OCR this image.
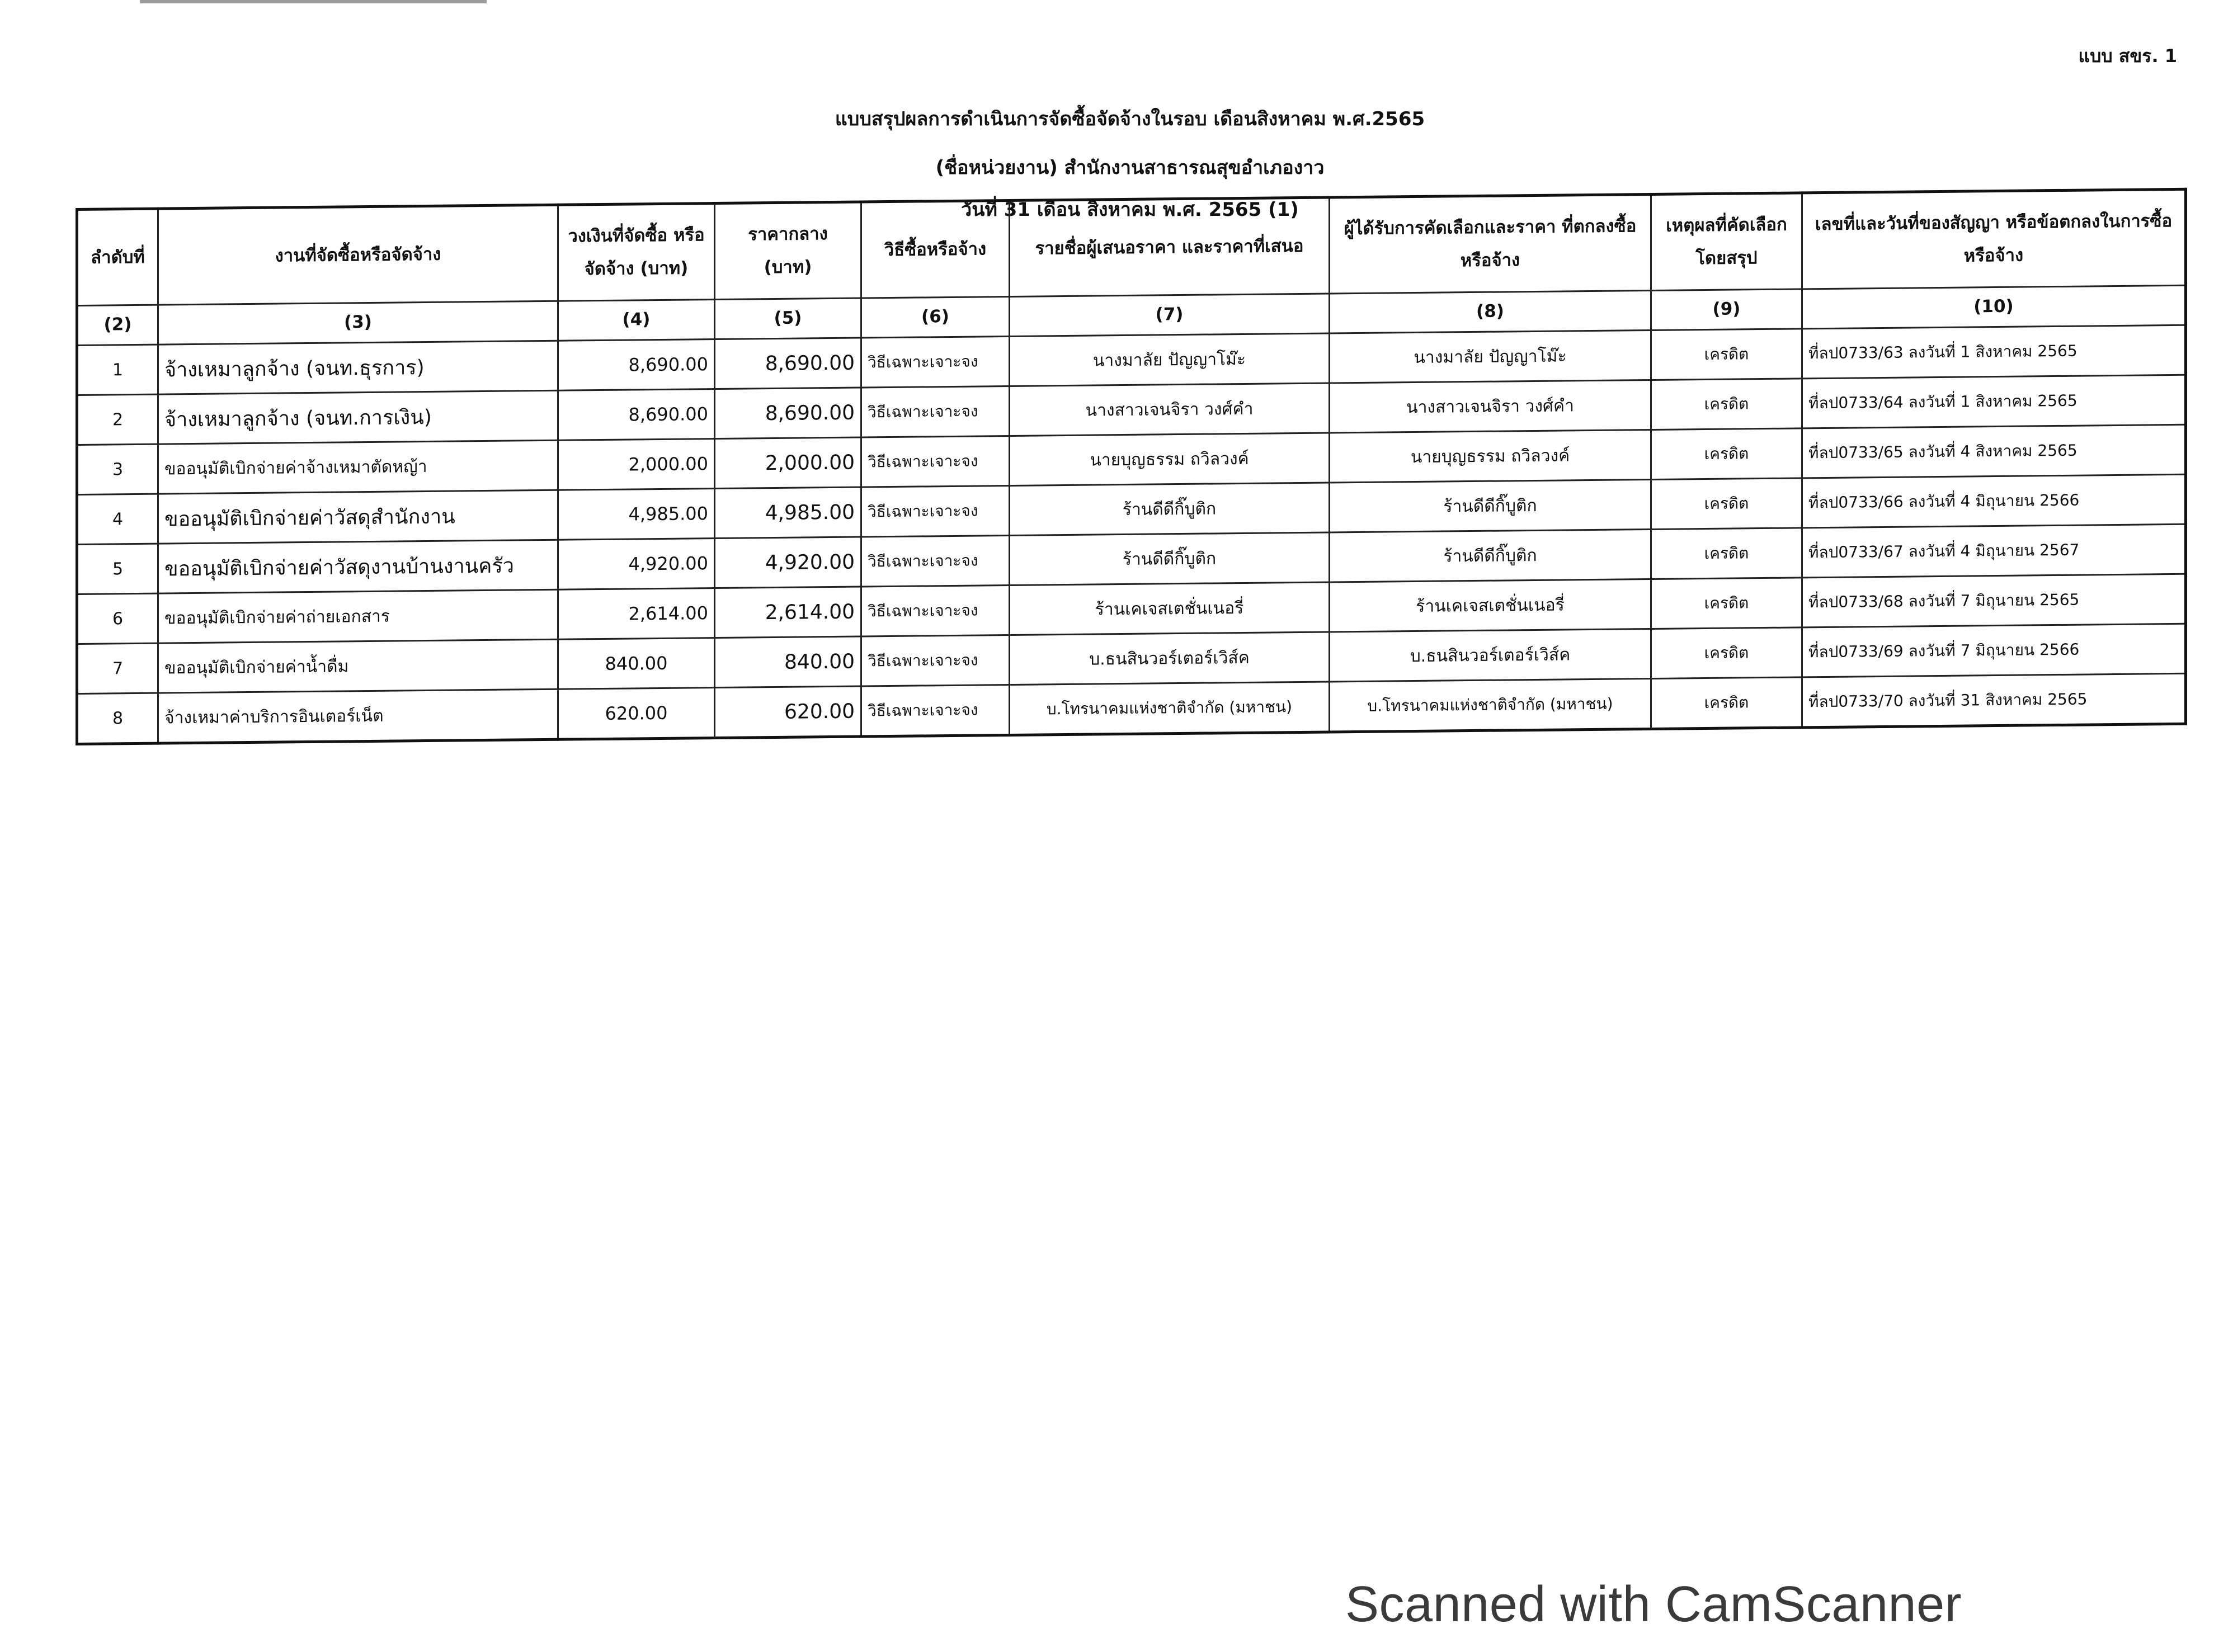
แบบ สขร. 1
แบบสรุปผลการดำเนินการจัดซื้อจัดจ้างในรอบ เดือนสิงหาคม พ.ศ.2565
(ชื่อหน่วยงาน) สำนักงานสาธารณสุขอำเภองาว
วันที่ 31 เดือน สิงหาคม พ.ศ. 2565 (1)
ลำดับที่	งานที่จัดซื้อหรือจัดจ้าง	วงเงินที่จัดซื้อ หรือจัดจ้าง (บาท)	ราคากลาง (บาท)	วิธีซื้อหรือจ้าง	รายชื่อผู้เสนอราคา และราคาที่เสนอ	ผู้ได้รับการคัดเลือกและราคา ที่ตกลงซื้อหรือจ้าง	เหตุผลที่คัดเลือก โดยสรุป	เลขที่และวันที่ของสัญญา หรือข้อตกลงในการซื้อหรือจ้าง
(2)	(3)	(4)	(5)	(6)	(7)	(8)	(9)	(10)
1	จ้างเหมาลูกจ้าง (จนท.ธุรการ)	8,690.00	8,690.00	วิธีเฉพาะเจาะจง	นางมาลัย ปัญญาโม๊ะ	นางมาลัย ปัญญาโม๊ะ	เครดิต	ที่ลป0733/63 ลงวันที่ 1 สิงหาคม 2565
2	จ้างเหมาลูกจ้าง (จนท.การเงิน)	8,690.00	8,690.00	วิธีเฉพาะเจาะจง	นางสาวเจนจิรา วงศ์คำ	นางสาวเจนจิรา วงศ์คำ	เครดิต	ที่ลป0733/64 ลงวันที่ 1 สิงหาคม 2565
3	ขออนุมัติเบิกจ่ายค่าจ้างเหมาตัดหญ้า	2,000.00	2,000.00	วิธีเฉพาะเจาะจง	นายบุญธรรม ถวิลวงค์	นายบุญธรรม ถวิลวงค์	เครดิต	ที่ลป0733/65 ลงวันที่ 4 สิงหาคม 2565
4	ขออนุมัติเบิกจ่ายค่าวัสดุสำนักงาน	4,985.00	4,985.00	วิธีเฉพาะเจาะจง	ร้านดีดีกิ๊บูติก	ร้านดีดีกิ๊บูติก	เครดิต	ที่ลป0733/66 ลงวันที่ 4 มิถุนายน 2566
5	ขออนุมัติเบิกจ่ายค่าวัสดุงานบ้านงานครัว	4,920.00	4,920.00	วิธีเฉพาะเจาะจง	ร้านดีดีกิ๊บูติก	ร้านดีดีกิ๊บูติก	เครดิต	ที่ลป0733/67 ลงวันที่ 4 มิถุนายน 2567
6	ขออนุมัติเบิกจ่ายค่าถ่ายเอกสาร	2,614.00	2,614.00	วิธีเฉพาะเจาะจง	ร้านเคเจสเตชั่นเนอรี่	ร้านเคเจสเตชั่นเนอรี่	เครดิต	ที่ลป0733/68 ลงวันที่ 7 มิถุนายน 2565
7	ขออนุมัติเบิกจ่ายค่าน้ำดื่ม	840.00	840.00	วิธีเฉพาะเจาะจง	บ.ธนสินวอร์เตอร์เวิส์ค	บ.ธนสินวอร์เตอร์เวิส์ค	เครดิต	ที่ลป0733/69 ลงวันที่ 7 มิถุนายน 2566
8	จ้างเหมาค่าบริการอินเตอร์เน็ต	620.00	620.00	วิธีเฉพาะเจาะจง	บ.โทรนาคมแห่งชาติจำกัด (มหาชน)	บ.โทรนาคมแห่งชาติจำกัด (มหาชน)	เครดิต	ที่ลป0733/70 ลงวันที่ 31 สิงหาคม 2565
Scanned with CamScanner
